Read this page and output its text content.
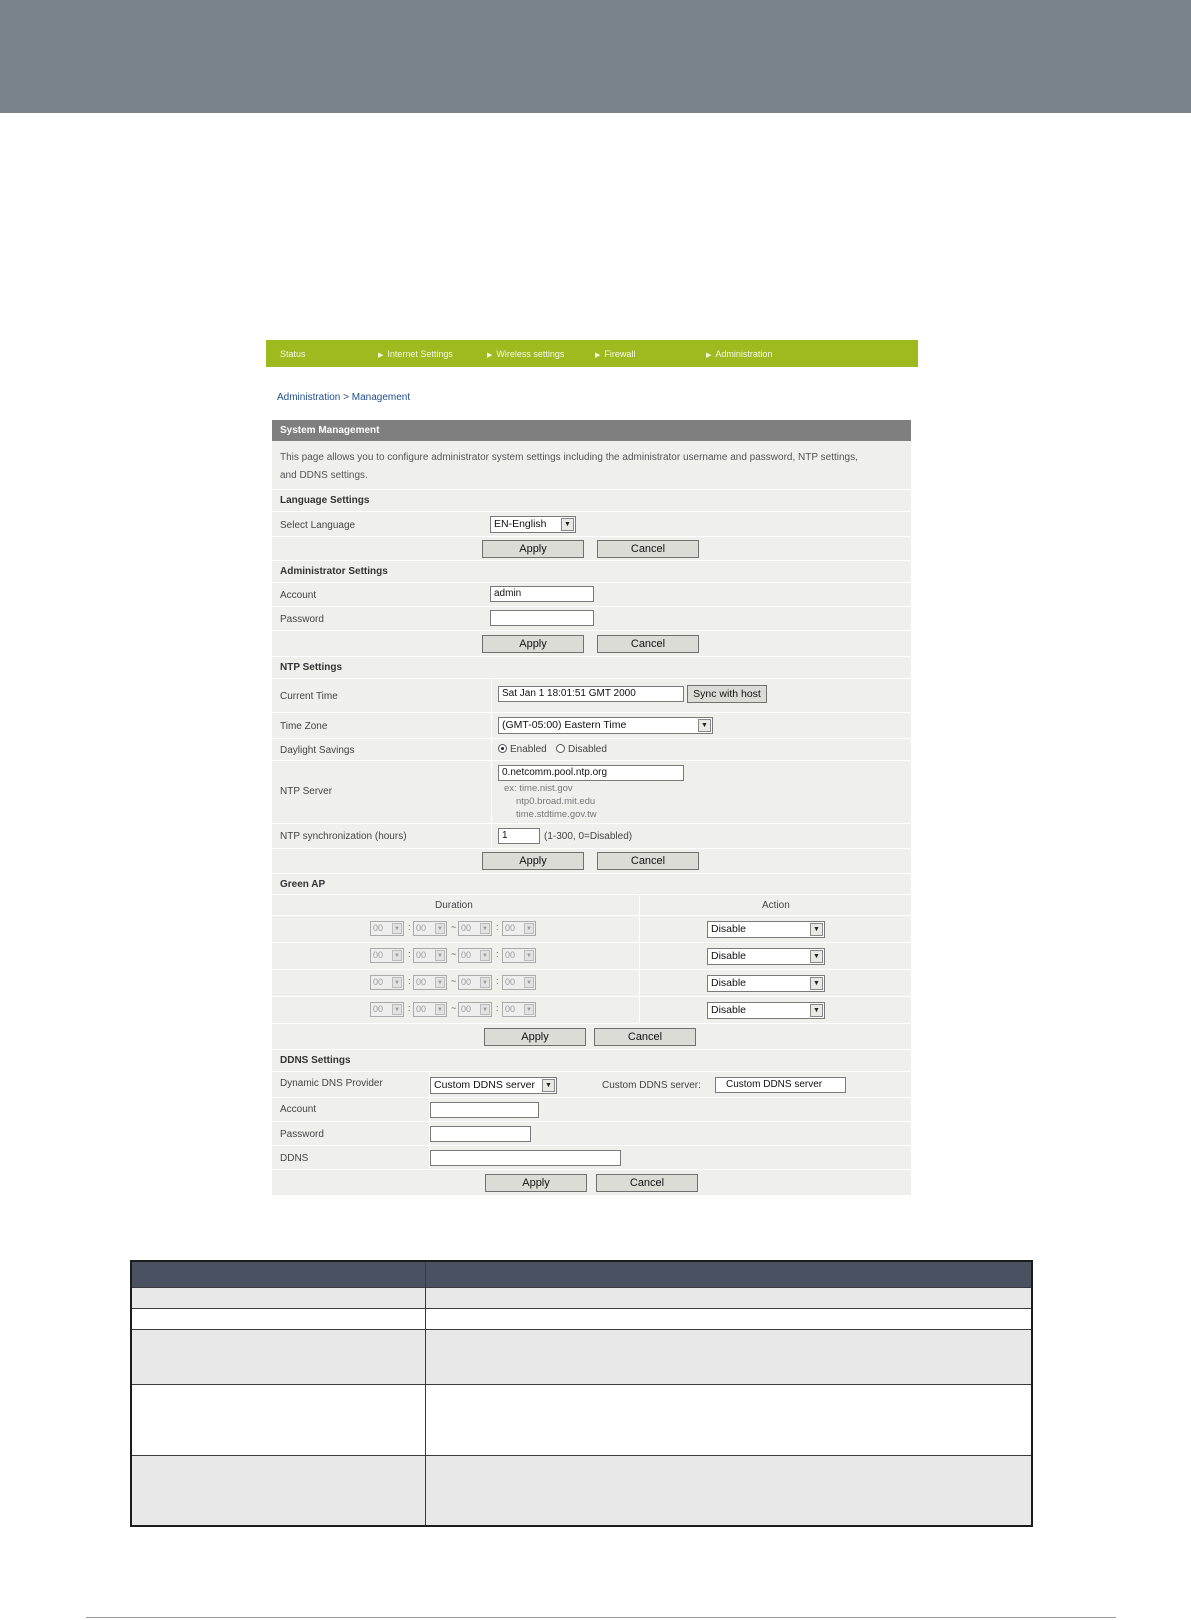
Status	▶ Internet Settings	▶ Wireless settings	▶ Firewall	▶ Administration
Administration > Management
System Management
This page allows you to configure administrator system settings including the administrator username and password, NTP settings,
and DDNS settings.
Language Settings
Select Language	EN-English	▼
Apply	Cancel
Administrator Settings
Account	admin
Password
Apply	Cancel
NTP Settings
Current Time	Sat Jan 1 18:01:51 GMT 2000	Sync with host
Time Zone	(GMT-05:00) Eastern Time	▼
Daylight Savings	Enabled	Disabled
NTP Server
0.netcomm.pool.ntp.org
ex: time.nist.gov
ntp0.broad.mit.edu
time.stdtime.gov.tw
NTP synchronization (hours)	1	(1-300, 0=Disabled)
Apply	Cancel
Green AP
Duration	Action
00	▼ : 00	▼ ~ 00	▼ : 00	▼	Disable	▼
00	▼ : 00	▼ ~ 00	▼ : 00	▼	Disable	▼
00	▼ : 00	▼ ~ 00	▼ : 00	▼	Disable	▼
00	▼ : 00	▼ ~ 00	▼ : 00	▼	Disable	▼
Apply	Cancel
DDNS Settings
Dynamic DNS Provider	Custom DDNS server	▼	Custom DDNS server:	Custom DDNS server
Account
Password
DDNS
Apply	Cancel
